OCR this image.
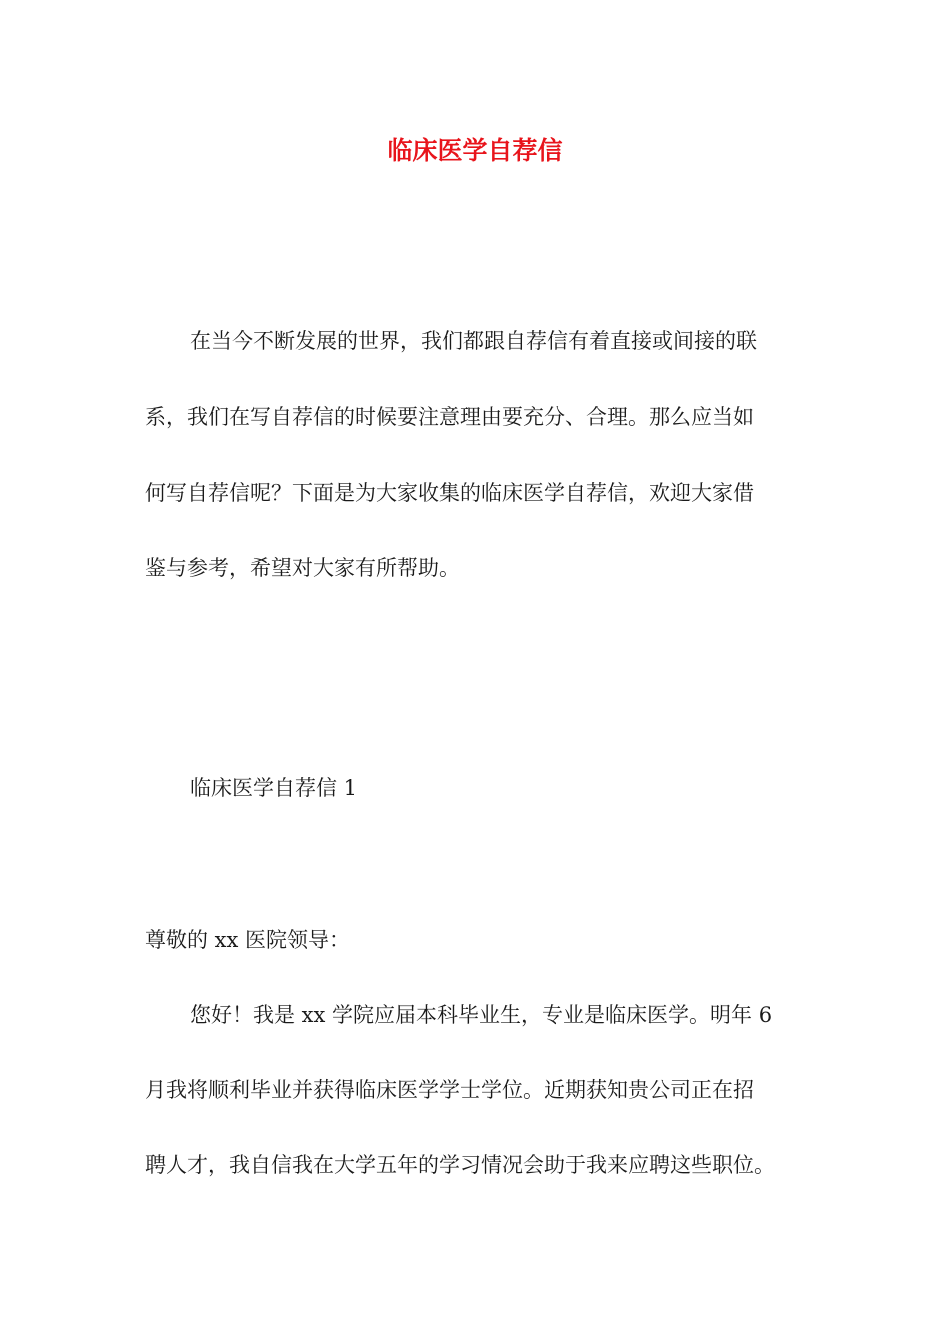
临床医学自荐信
在当今不断发展的世界，我们都跟自荐信有着直接或间接的联
系，我们在写自荐信的时候要注意理由要充分、合理。那么应当如
何写自荐信呢？下面是为大家收集的临床医学自荐信，欢迎大家借
鉴与参考，希望对大家有所帮助。
临床医学自荐信 1
尊敬的 xx 医院领导：
您好！我是 xx 学院应届本科毕业生，专业是临床医学。明年 6
月我将顺利毕业并获得临床医学学士学位。近期获知贵公司正在招
聘人才，我自信我在大学五年的学习情况会助于我来应聘这些职位。
